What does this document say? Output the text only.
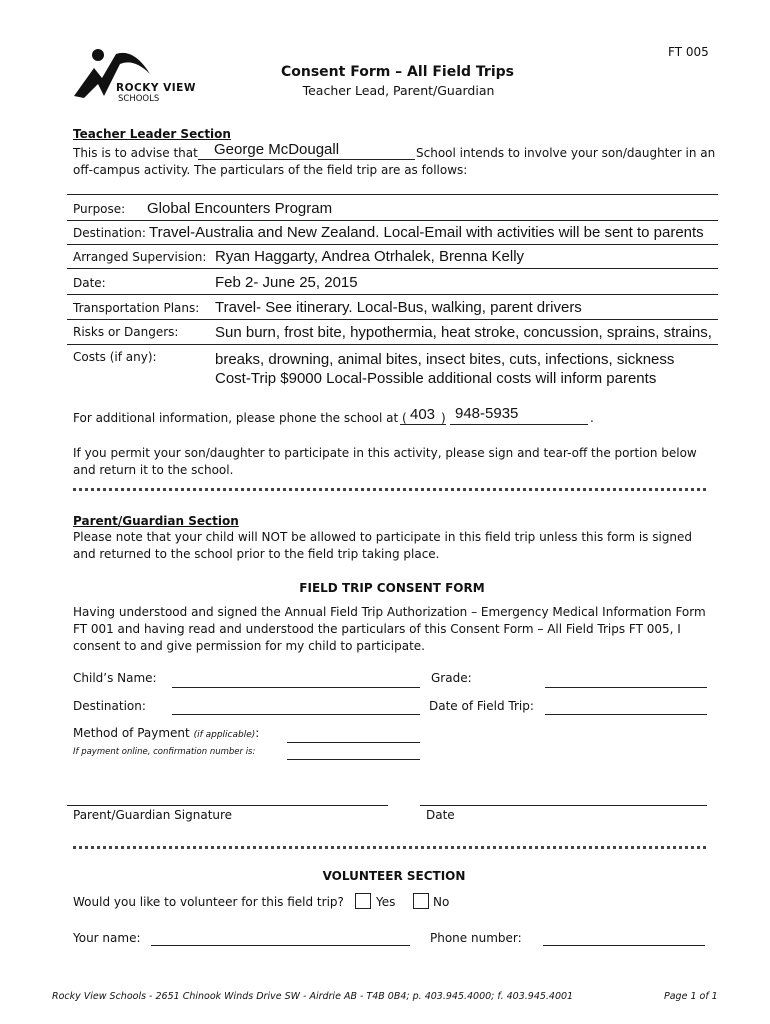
FT 005
ROCKY VIEW
SCHOOLS
Consent Form – All Field Trips
Teacher Lead, Parent/Guardian
Teacher Leader Section
This is to advise that George McDougall	School intends to involve your son/daughter in an
off-campus activity. The particulars of the field trip are as follows:
Purpose: Global Encounters Program
Destination: Travel-Australia and New Zealand. Local-Email with activities will be sent to parents
Arranged Supervision: Ryan Haggarty, Andrea Otrhalek, Brenna Kelly
Date:	Feb 2- June 25, 2015
Transportation Plans: Travel- See itinerary. Local-Bus, walking, parent drivers
Risks or Dangers: Sun burn, frost bite, hypothermia, heat stroke, concussion, sprains, strains,
Costs (if any):	breaks, drowning, animal bites, insect bites, cuts, infections, sickness
Cost-Trip $9000 Local-Possible additional costs will inform parents
For additional information, please phone the school at ( 403 ) 948-5935	.
If you permit your son/daughter to participate in this activity, please sign and tear-off the portion below
and return it to the school.
Parent/Guardian Section
Please note that your child will NOT be allowed to participate in this field trip unless this form is signed
and returned to the school prior to the field trip taking place.
FIELD TRIP CONSENT FORM
Having understood and signed the Annual Field Trip Authorization – Emergency Medical Information Form
FT 001 and having read and understood the particulars of this Consent Form – All Field Trips FT 005, I
consent to and give permission for my child to participate.
Child’s Name:	Grade:
Destination:	Date of Field Trip:
Method of Payment (if applicable):
If payment online, confirmation number is:
Parent/Guardian Signature	Date
VOLUNTEER SECTION
Would you like to volunteer for this field trip?	Yes	No
Your name:	Phone number:
Rocky View Schools - 2651 Chinook Winds Drive SW - Airdrie AB - T4B 0B4; p. 403.945.4000; f. 403.945.4001	Page 1 of 1
